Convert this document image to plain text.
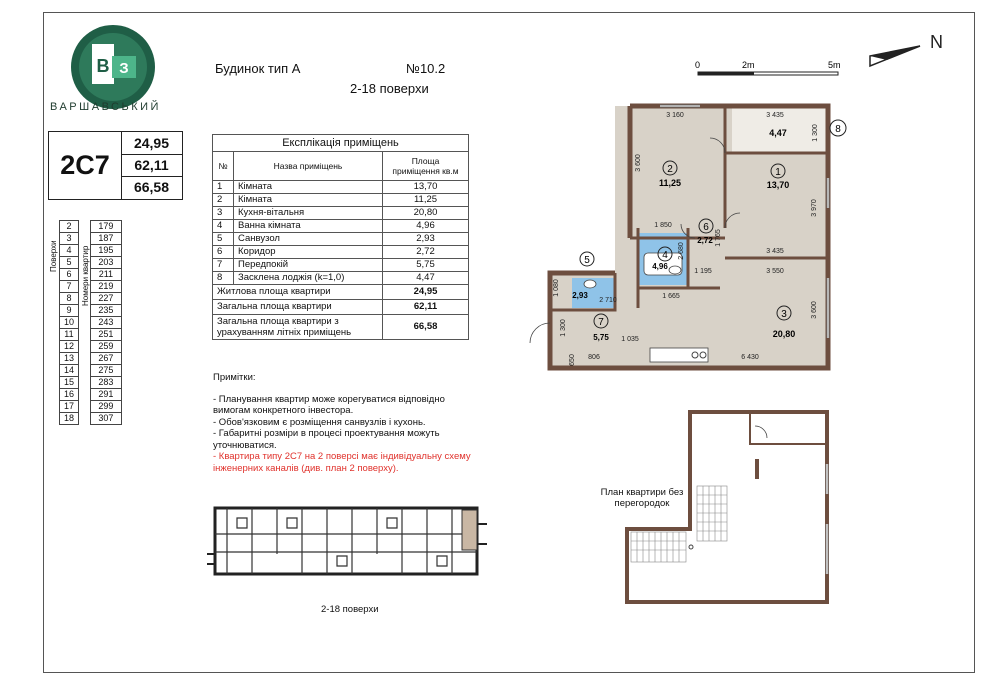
В З
ВАРШАВСЬКИЙ
Будинок тип А	№10.2
2-18 поверхи
2С7
24,95
62,11
66,58
Поверхи	Номери квартир
2		179
3		187
4		195
5		203
6		211
7		219
8		227
9		235
10		243
11		251
12		259
13		267
14		275
15		283
16		291
17		299
18		307
Експлікація приміщень		
№	Назва приміщень	Площа приміщення кв.м
1	Кімната	13,70
2	Кімната	11,25
3	Кухня-вітальня	20,80
4	Ванна кімната	4,96
5	Санвузол	2,93
6	Коридор	2,72
7	Передпокій	5,75
8	Засклена лоджія (k=1,0)	4,47
Житлова площа квартири		24,95
Загальна площа квартири		62,11
Загальна площа квартири з урахуванням літніх приміщень		66,58
Примітки:
- Планування квартир може корегуватися відповідно вимогам конкретного інвестора.
- Обов'язковим є розміщення санвузлів і кухонь.
- Габаритні розміри в процесі проектування можуть уточнюватися.
- Квартира типу 2С7 на 2 поверсі має індивідуальну схему інженерних каналів (див. план 2 поверху).
2-18 поверхи
N
0	2m	5m
1
13,70
2
11,25
3
20,80
4
4,96
5
2,93
6
2,72
7
5,75
8
4,47
3 160	3 435
1 300
3 600
3 970
1 850
2 680
1 765
3 435
1 195	3 550
1 080
2 710
1 665
3 600
1 300
1 035
806	6 430
650
План квартири без перегородок
